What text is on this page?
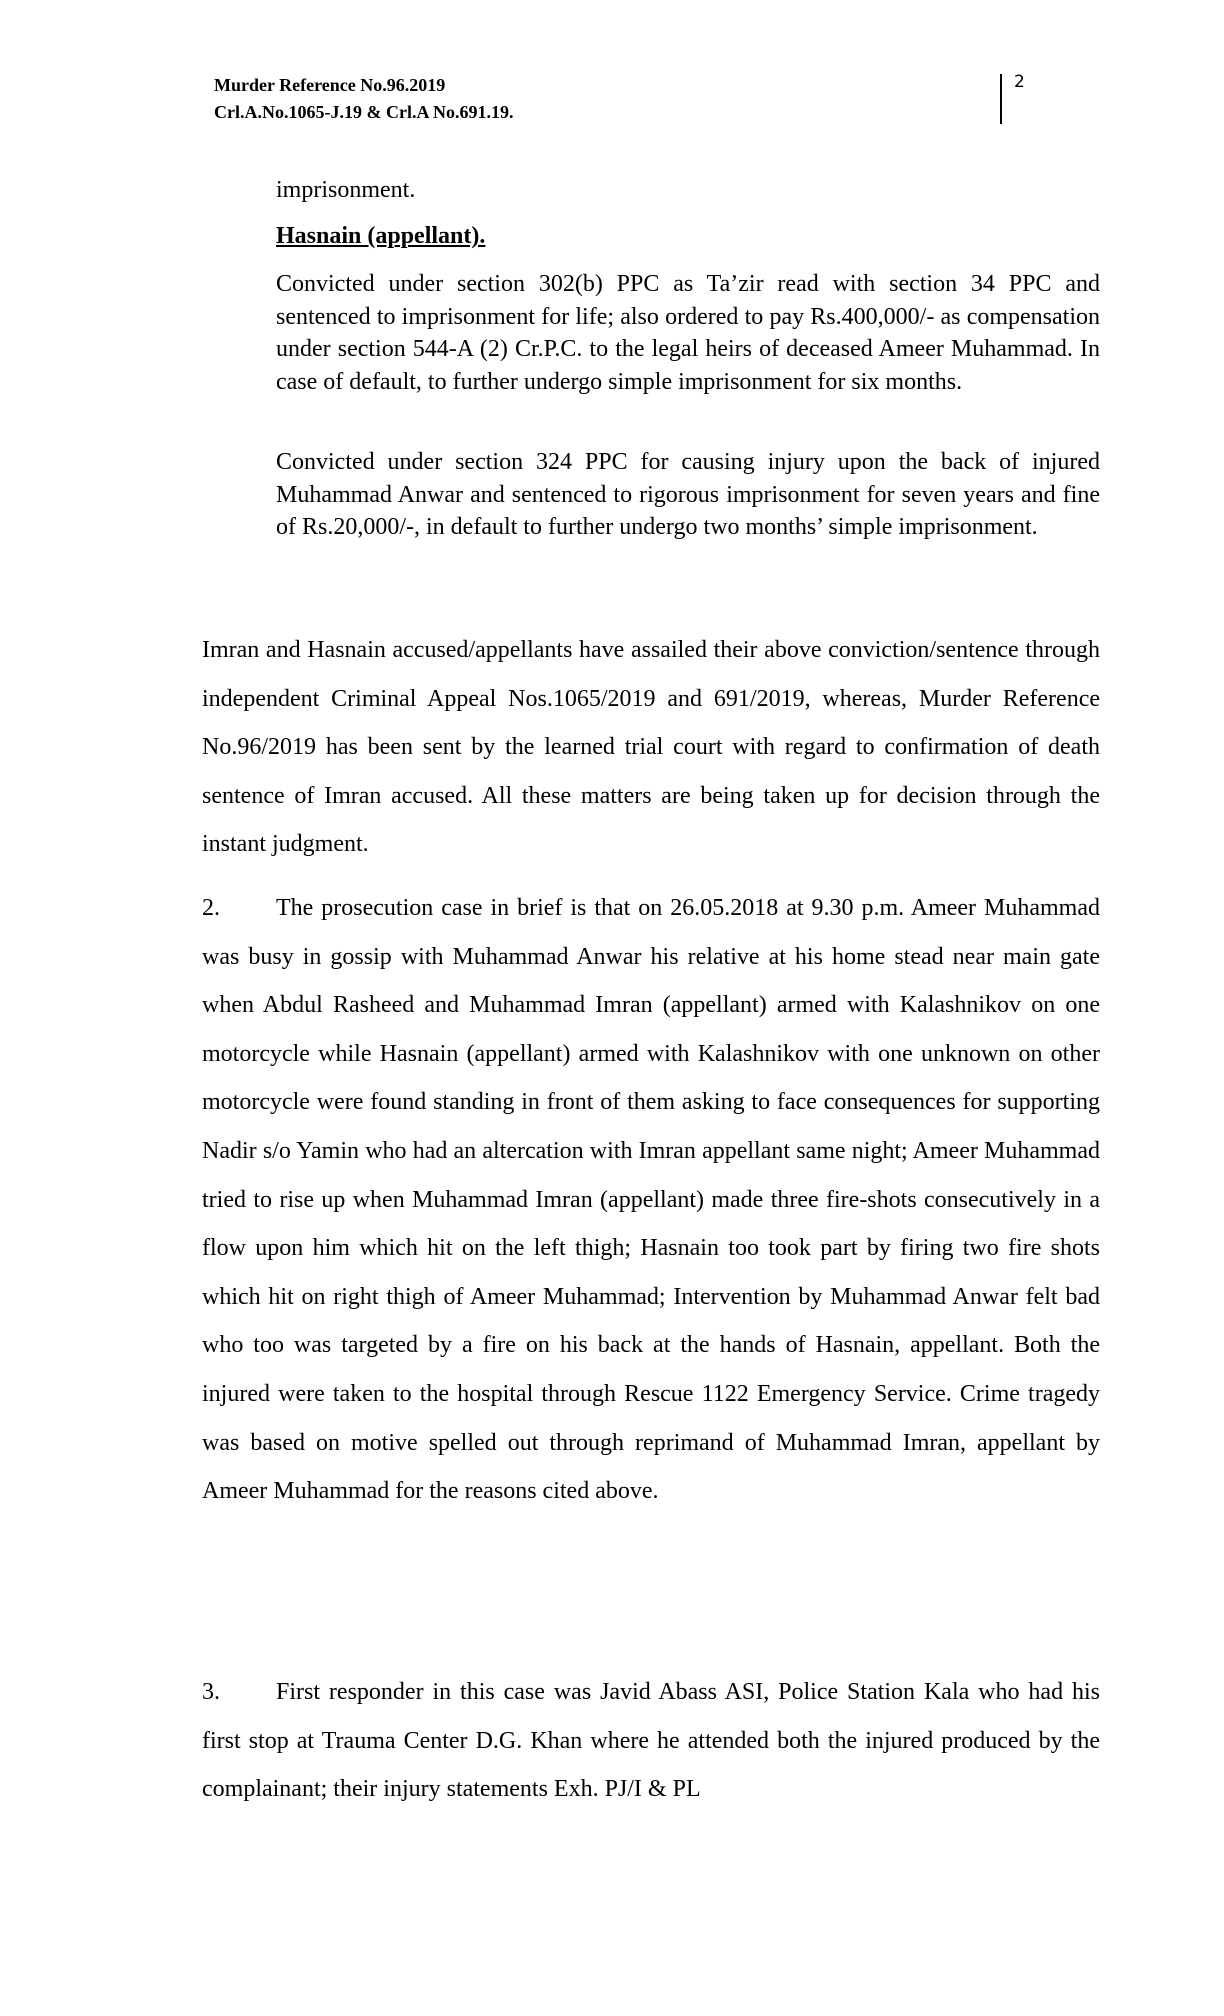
Murder Reference No.96.2019
Crl.A.No.1065-J.19 & Crl.A No.691.19.
2
imprisonment.
Hasnain (appellant).

Convicted under section 302(b) PPC as Ta’zir read with section 34 PPC and sentenced to imprisonment for life; also ordered to pay Rs.400,000/- as compensation under section 544-A (2) Cr.P.C. to the legal heirs of deceased Ameer Muhammad. In case of default, to further undergo simple imprisonment for six months.

Convicted under section 324 PPC for causing injury upon the back of injured Muhammad Anwar and sentenced to rigorous imprisonment for seven years and fine of Rs.20,000/-, in default to further undergo two months’ simple imprisonment.

Imran and Hasnain accused/appellants have assailed their above conviction/sentence through independent Criminal Appeal Nos.1065/2019 and 691/2019, whereas, Murder Reference No.96/2019 has been sent by the learned trial court with regard to confirmation of death sentence of Imran accused. All these matters are being taken up for decision through the instant judgment.

2. The prosecution case in brief is that on 26.05.2018 at 9.30 p.m. Ameer Muhammad was busy in gossip with Muhammad Anwar his relative at his home stead near main gate when Abdul Rasheed and Muhammad Imran (appellant) armed with Kalashnikov on one motorcycle while Hasnain (appellant) armed with Kalashnikov with one unknown on other motorcycle were found standing in front of them asking to face consequences for supporting Nadir s/o Yamin who had an altercation with Imran appellant same night; Ameer Muhammad tried to rise up when Muhammad Imran (appellant) made three fire-shots consecutively in a flow upon him which hit on the left thigh; Hasnain too took part by firing two fire shots which hit on right thigh of Ameer Muhammad; Intervention by Muhammad Anwar felt bad who too was targeted by a fire on his back at the hands of Hasnain, appellant. Both the injured were taken to the hospital through Rescue 1122 Emergency Service. Crime tragedy was based on motive spelled out through reprimand of Muhammad Imran, appellant by Ameer Muhammad for the reasons cited above.

3. First responder in this case was Javid Abass ASI, Police Station Kala who had his first stop at Trauma Center D.G. Khan where he attended both the injured produced by the complainant; their injury statements Exh. PJ/I & PL
